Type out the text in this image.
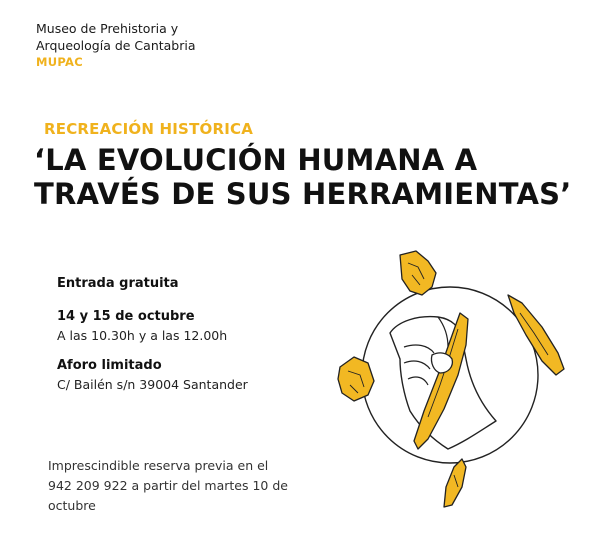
Museo de Prehistoria y
Arqueología de Cantabria
MUPAC
RECREACIÓN HISTÓRICA
‘LA EVOLUCIÓN HUMANA A
TRAVÉS DE SUS HERRAMIENTAS’
Entrada gratuita
14 y 15 de octubre
A las 10.30h y a las 12.00h
Aforo limitado
C/ Bailén s/n 39004 Santander
Imprescindible reserva previa en el
942 209 922 a partir del martes 10 de
octubre
